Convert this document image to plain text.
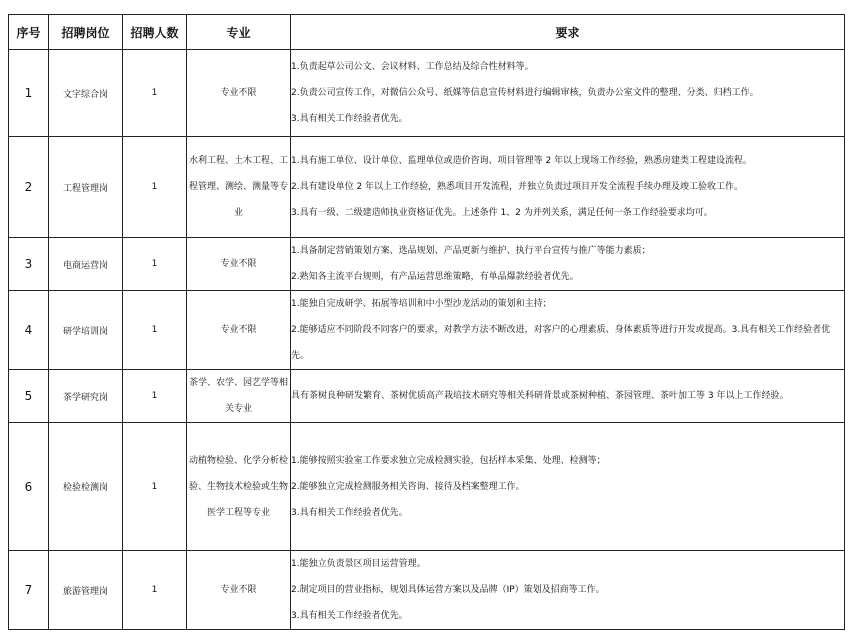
序号	招聘岗位	招聘人数	专业	要求
1	文字综合岗	1	专业不限	1.负责起草公司公文、会议材料、工作总结及综合性材料等。
2.负责公司宣传工作，对微信公众号、纸媒等信息宣传材料进行编辑审核，负责办公室文件的整理、分类、归档工作。
3.具有相关工作经验者优先。

2	工程管理岗	1	水利工程、土木工程、工程管理、测绘、测量等专业	1.具有施工单位、设计单位、监理单位或造价咨询、项目管理等 2 年以上现场工作经验，熟悉房建类工程建设流程。
2.具有建设单位 2 年以上工作经验，熟悉项目开发流程，并独立负责过项目开发全流程手续办理及竣工验收工作。
3.具有一级、二级建造师执业资格证优先。上述条件 1、2 为并列关系，满足任何一条工作经验要求均可。

3	电商运营岗	1	专业不限	1.具备制定营销策划方案、选品规划、产品更新与维护、执行平台宣传与推广等能力素质；
2.熟知各主流平台规则，有产品运营思维策略，有单品爆款经验者优先。

4	研学培训岗	1	专业不限	1.能独自完成研学、拓展等培训和中小型沙龙活动的策划和主持；
2.能够适应不同阶段不同客户的要求，对教学方法不断改进，对客户的心理素质、身体素质等进行开发或提高。3.具有相关工作经验者优先。

5	茶学研究岗	1	茶学、农学、园艺学等相关专业	具有茶树良种研发繁育、茶树优质高产栽培技术研究等相关科研背景或茶树种植、茶园管理、茶叶加工等 3 年以上工作经验。

6	检验检测岗	1	动植物检验、化学分析检验、生物技术检验或生物医学工程等专业	1.能够按照实验室工作要求独立完成检测实验，包括样本采集、处理、检测等；
2.能够独立完成检测服务相关咨询、接待及档案整理工作。
3.具有相关工作经验者优先。

7	旅游管理岗	1	专业不限	1.能独立负责景区项目运营管理。
2.制定项目的营业指标，规划具体运营方案以及品牌（IP）策划及招商等工作。
3.具有相关工作经验者优先。
